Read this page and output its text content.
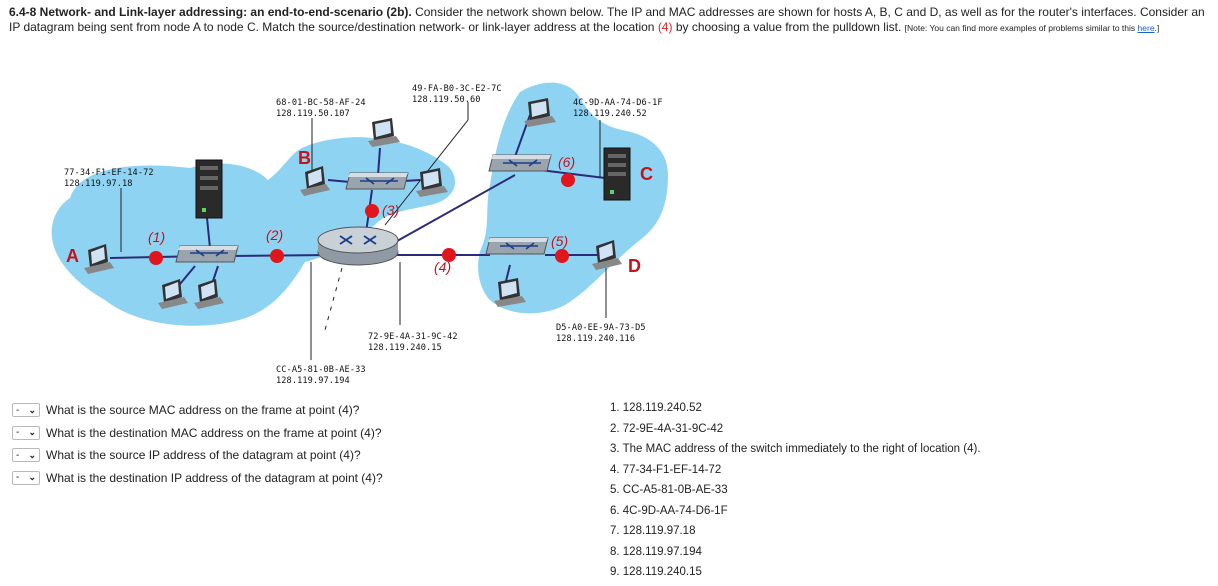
6.4-8 Network- and Link-layer addressing: an end-to-end-scenario (2b). Consider the network shown below. The IP and MAC addresses are shown for hosts A, B, C and D, as well as for the router's interfaces. Consider an IP datagram being sent from node A to node C. Match the source/destination network- or link-layer address at the location (4) by choosing a value from the pulldown list. [Note: You can find more examples of problems similar to this here.]
(1)	(2)
(3)
(4)
(5)
(6)
A
B
C
D
77-34-F1-EF-14-72
128.119.97.18
68-01-BC-58-AF-24
128.119.50.107
49-FA-B0-3C-E2-7C
128.119.50.60	4C-9D-AA-74-D6-1F
128.119.240.52
72-9E-4A-31-9C-42
128.119.240.15
D5-A0-EE-9A-73-D5
128.119.240.116
CC-A5-81-0B-AE-33
128.119.97.194
- ⌄ What is the source MAC address on the frame at point (4)?
- ⌄ What is the destination MAC address on the frame at point (4)?
- ⌄ What is the source IP address of the datagram at point (4)?
- ⌄ What is the destination IP address of the datagram at point (4)?
1. 128.119.240.52
2. 72-9E-4A-31-9C-42
3. The MAC address of the switch immediately to the right of location (4).
4. 77-34-F1-EF-14-72
5. CC-A5-81-0B-AE-33
6. 4C-9D-AA-74-D6-1F
7. 128.119.97.18
8. 128.119.97.194
9. 128.119.240.15
